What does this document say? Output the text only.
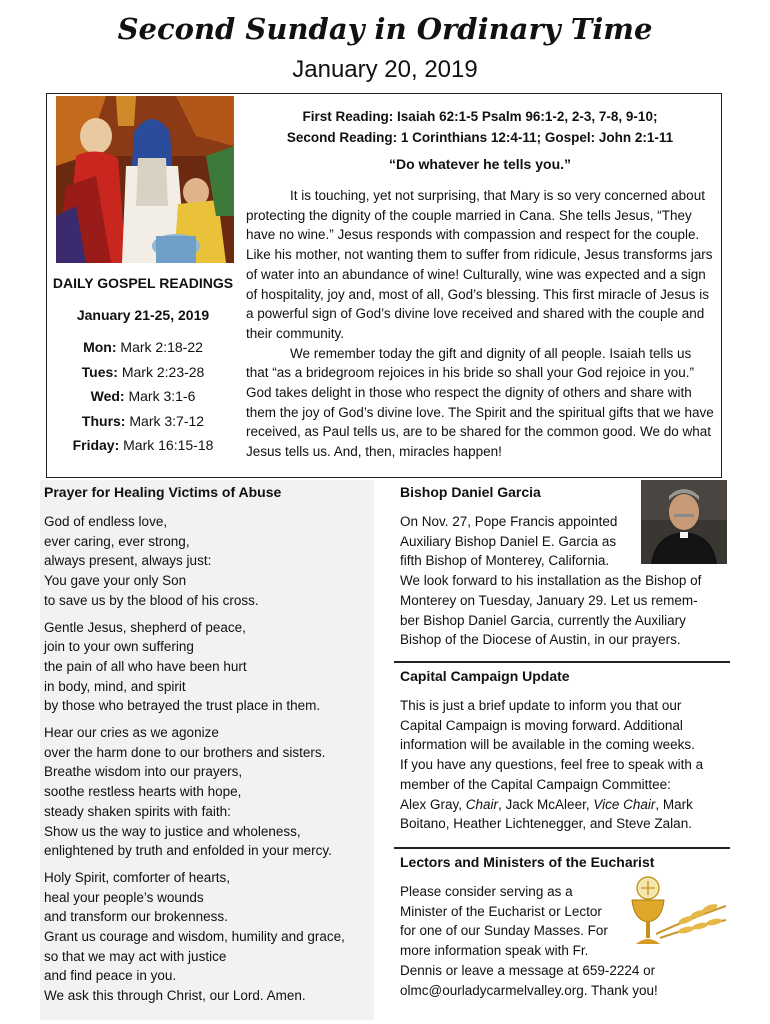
Second Sunday in Ordinary Time
January 20, 2019
DAILY GOSPEL READINGS
January 21-25, 2019
Mon: Mark 2:18-22
Tues: Mark 2:23-28
Wed: Mark 3:1-6
Thurs: Mark 3:7-12
Friday: Mark 16:15-18
First Reading: Isaiah 62:1-5 Psalm 96:1-2, 2-3, 7-8, 9-10;
Second Reading: 1 Corinthians 12:4-11; Gospel: John 2:1-11
“Do whatever he tells you.”

It is touching, yet not surprising, that Mary is so very concerned about protecting the dignity of the couple married in Cana. She tells Jesus, “They have no wine.” Jesus responds with compassion and respect for the couple. Like his mother, not wanting them to suffer from ridicule, Jesus transforms jars of water into an abundance of wine! Culturally, wine was expected and a sign of hospitality, joy and, most of all, God’s blessing. This first miracle of Jesus is a powerful sign of God’s divine love received and shared with the couple and their community.

We remember today the gift and dignity of all people. Isaiah tells us that “as a bridegroom rejoices in his bride so shall your God rejoice in you.” God takes delight in those who respect the dignity of others and share with them the joy of God’s divine love. The Spirit and the spiritual gifts that we have received, as Paul tells us, are to be shared for the common good. We do what Jesus tells us. And, then, miracles happen!

Prayer for Healing Victims of Abuse
God of endless love,
ever caring, ever strong,
always present, always just:
You gave your only Son
to save us by the blood of his cross.
Gentle Jesus, shepherd of peace,
join to your own suffering
the pain of all who have been hurt
in body, mind, and spirit
by those who betrayed the trust place in them.
Hear our cries as we agonize
over the harm done to our brothers and sisters.
Breathe wisdom into our prayers,
soothe restless hearts with hope,
steady shaken spirits with faith:
Show us the way to justice and wholeness,
enlightened by truth and enfolded in your mercy.
Holy Spirit, comforter of hearts,
heal your people’s wounds
and transform our brokenness.
Grant us courage and wisdom, humility and grace,
so that we may act with justice
and find peace in you.
We ask this through Christ, our Lord. Amen.
Bishop Daniel Garcia
On Nov. 27, Pope Francis appointed
Auxiliary Bishop Daniel E. Garcia as
fifth Bishop of Monterey, California.
We look forward to his installation as the Bishop of
Monterey on Tuesday, January 29. Let us remem-
ber Bishop Daniel Garcia, currently the Auxiliary
Bishop of the Diocese of Austin, in our prayers.
Capital Campaign Update
This is just a brief update to inform you that our
Capital Campaign is moving forward. Additional
information will be available in the coming weeks.
If you have any questions, feel free to speak with a
member of the Capital Campaign Committee:
Alex Gray, Chair, Jack McAleer, Vice Chair, Mark
Boitano, Heather Lichtenegger, and Steve Zalan.
Lectors and Ministers of the Eucharist
Please consider serving as a
Minister of the Eucharist or Lector
for one of our Sunday Masses. For
more information speak with Fr.
Dennis or leave a message at 659-2224 or
olmc@ourladycarmelvalley.org. Thank you!
